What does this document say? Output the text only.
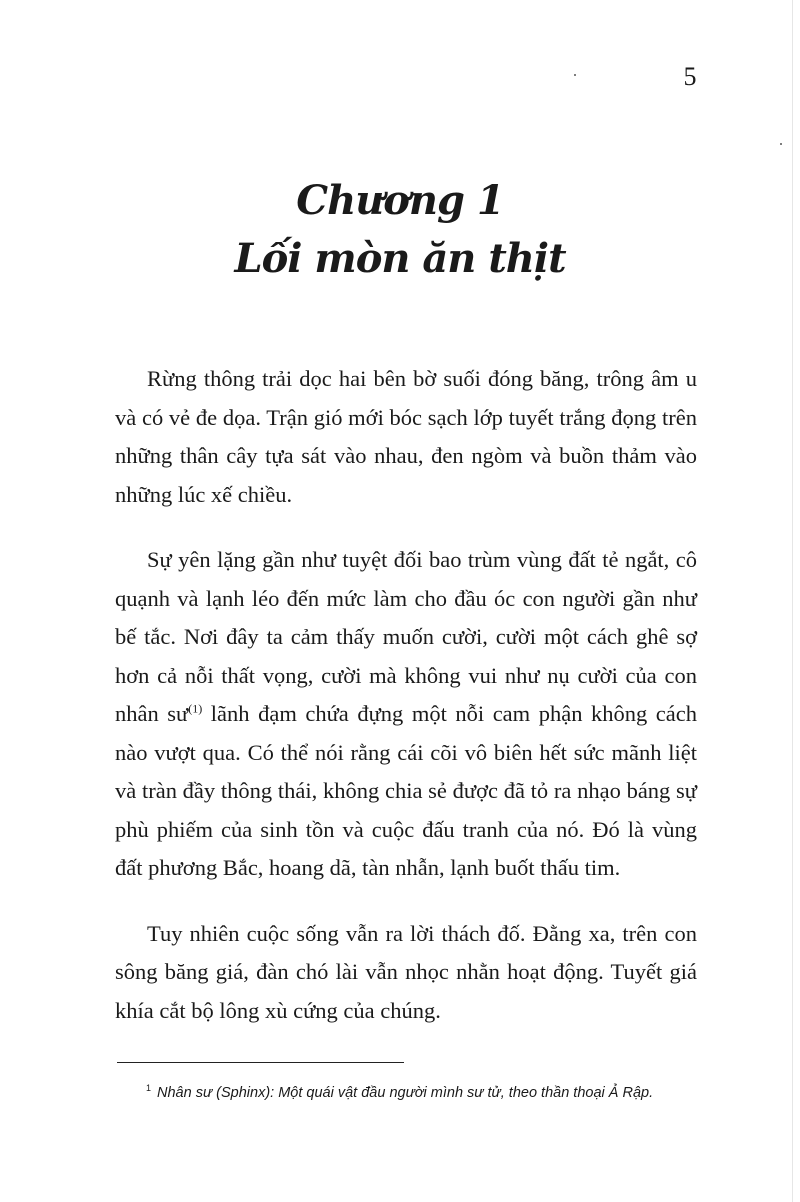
5
Chương 1
Lối mòn ăn thịt

Rừng thông trải dọc hai bên bờ suối đóng băng, trông âm u và có vẻ đe dọa. Trận gió mới bóc sạch lớp tuyết trắng đọng trên những thân cây tựa sát vào nhau, đen ngòm và buồn thảm vào những lúc xế chiều.

Sự yên lặng gần như tuyệt đối bao trùm vùng đất tẻ ngắt, cô quạnh và lạnh léo đến mức làm cho đầu óc con người gần như bế tắc. Nơi đây ta cảm thấy muốn cười, cười một cách ghê sợ hơn cả nỗi thất vọng, cười mà không vui như nụ cười của con nhân $sư^{(1)}$ lãnh đạm chứa đựng một nỗi cam phận không cách nào vượt qua. Có thể nói rằng cái cõi vô biên hết sức mãnh liệt và tràn đầy thông thái, không chia sẻ được đã tỏ ra nhạo báng sự phù phiếm của sinh tồn và cuộc đấu tranh của nó. Đó là vùng đất phương Bắc, hoang dã, tàn nhẫn, lạnh buốt thấu tim.

Tuy nhiên cuộc sống vẫn ra lời thách đố. Đằng xa, trên con sông băng giá, đàn chó lài vẫn nhọc nhằn hoạt động. Tuyết giá khía cắt bộ lông xù cứng của chúng.

$^1$ Nhân sư (Sphinx): Một quái vật đầu người mình sư tử, theo thần thoại Ả Rập.
